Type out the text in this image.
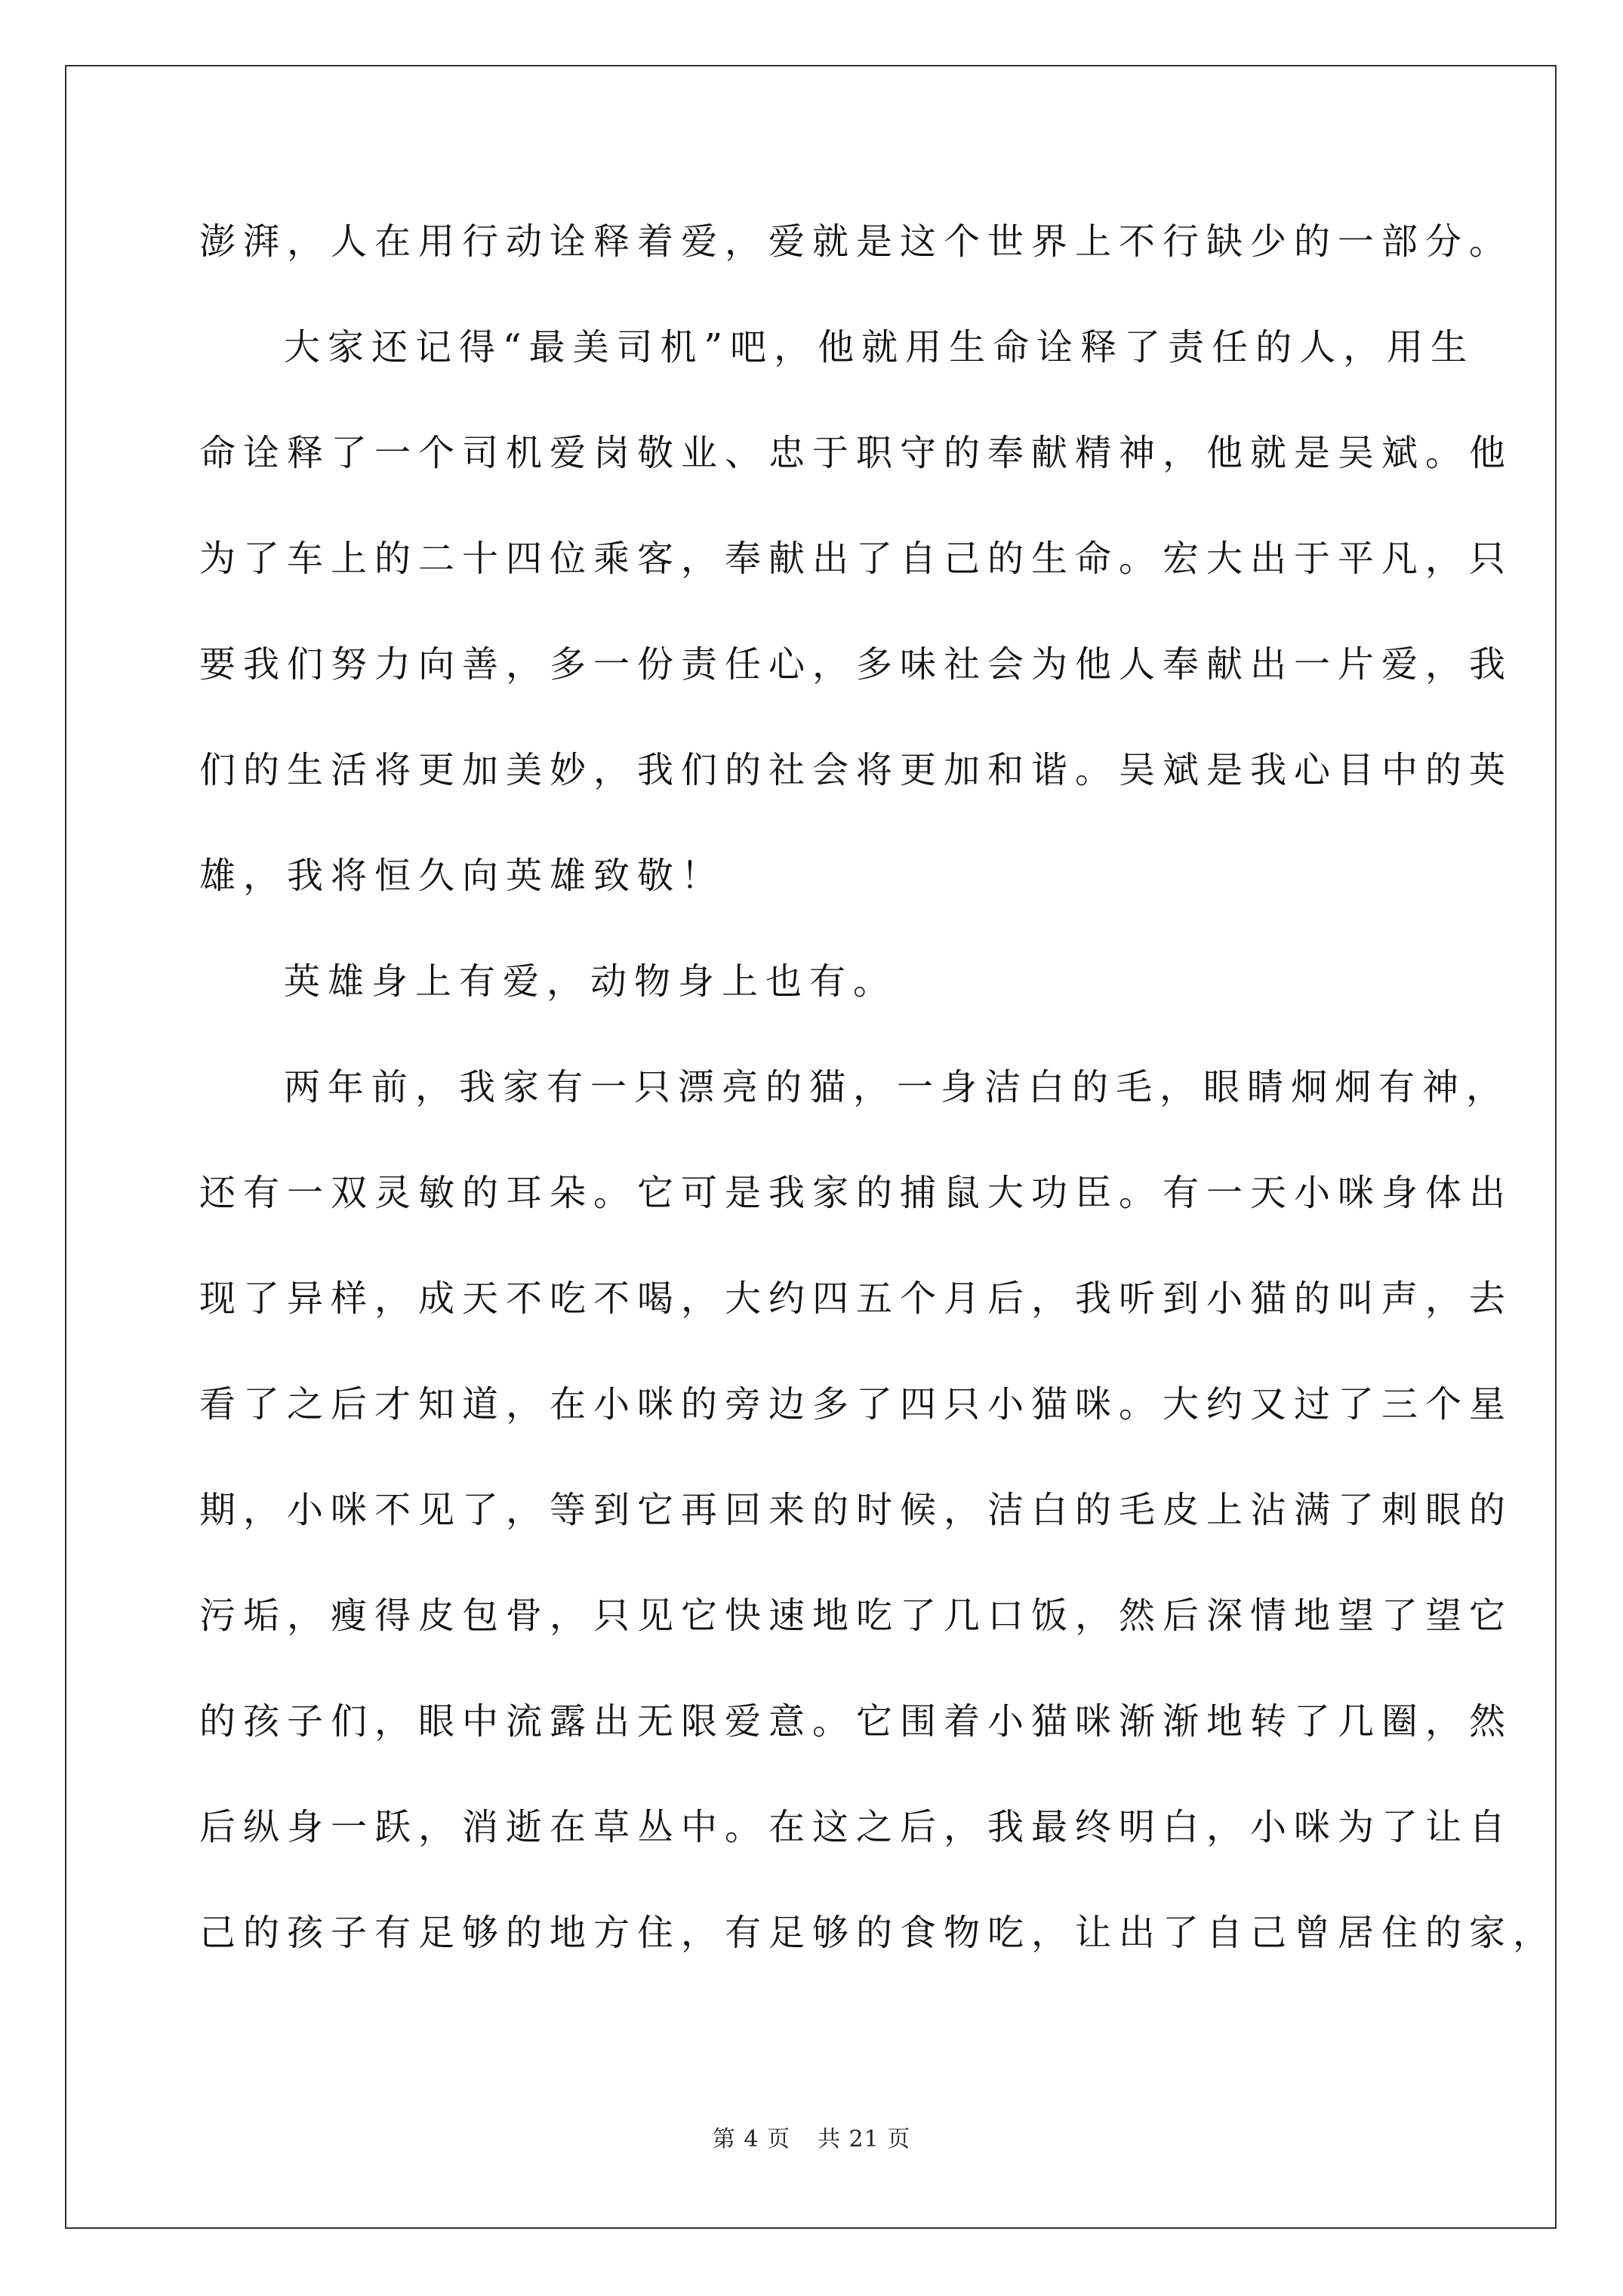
澎湃，人在用行动诠释着爱，爱就是这个世界上不行缺少的一部分。
大家还记得“最美司机”吧，他就用生命诠释了责任的人，用生
命诠释了一个司机爱岗敬业、忠于职守的奉献精神，他就是吴斌。他
为了车上的二十四位乘客，奉献出了自己的生命。宏大出于平凡，只
要我们努力向善，多一份责任心，多味社会为他人奉献出一片爱，我
们的生活将更加美妙，我们的社会将更加和谐。吴斌是我心目中的英
雄，我将恒久向英雄致敬！
英雄身上有爱，动物身上也有。
两年前，我家有一只漂亮的猫，一身洁白的毛，眼睛炯炯有神，
还有一双灵敏的耳朵。它可是我家的捕鼠大功臣。有一天小咪身体出
现了异样，成天不吃不喝，大约四五个月后，我听到小猫的叫声，去
看了之后才知道，在小咪的旁边多了四只小猫咪。大约又过了三个星
期，小咪不见了，等到它再回来的时候，洁白的毛皮上沾满了刺眼的
污垢，瘦得皮包骨，只见它快速地吃了几口饭，然后深情地望了望它
的孩子们，眼中流露出无限爱意。它围着小猫咪渐渐地转了几圈，然
后纵身一跃，消逝在草丛中。在这之后，我最终明白，小咪为了让自
己的孩子有足够的地方住，有足够的食物吃，让出了自己曾居住的家，
第 4 页 共 21 页
